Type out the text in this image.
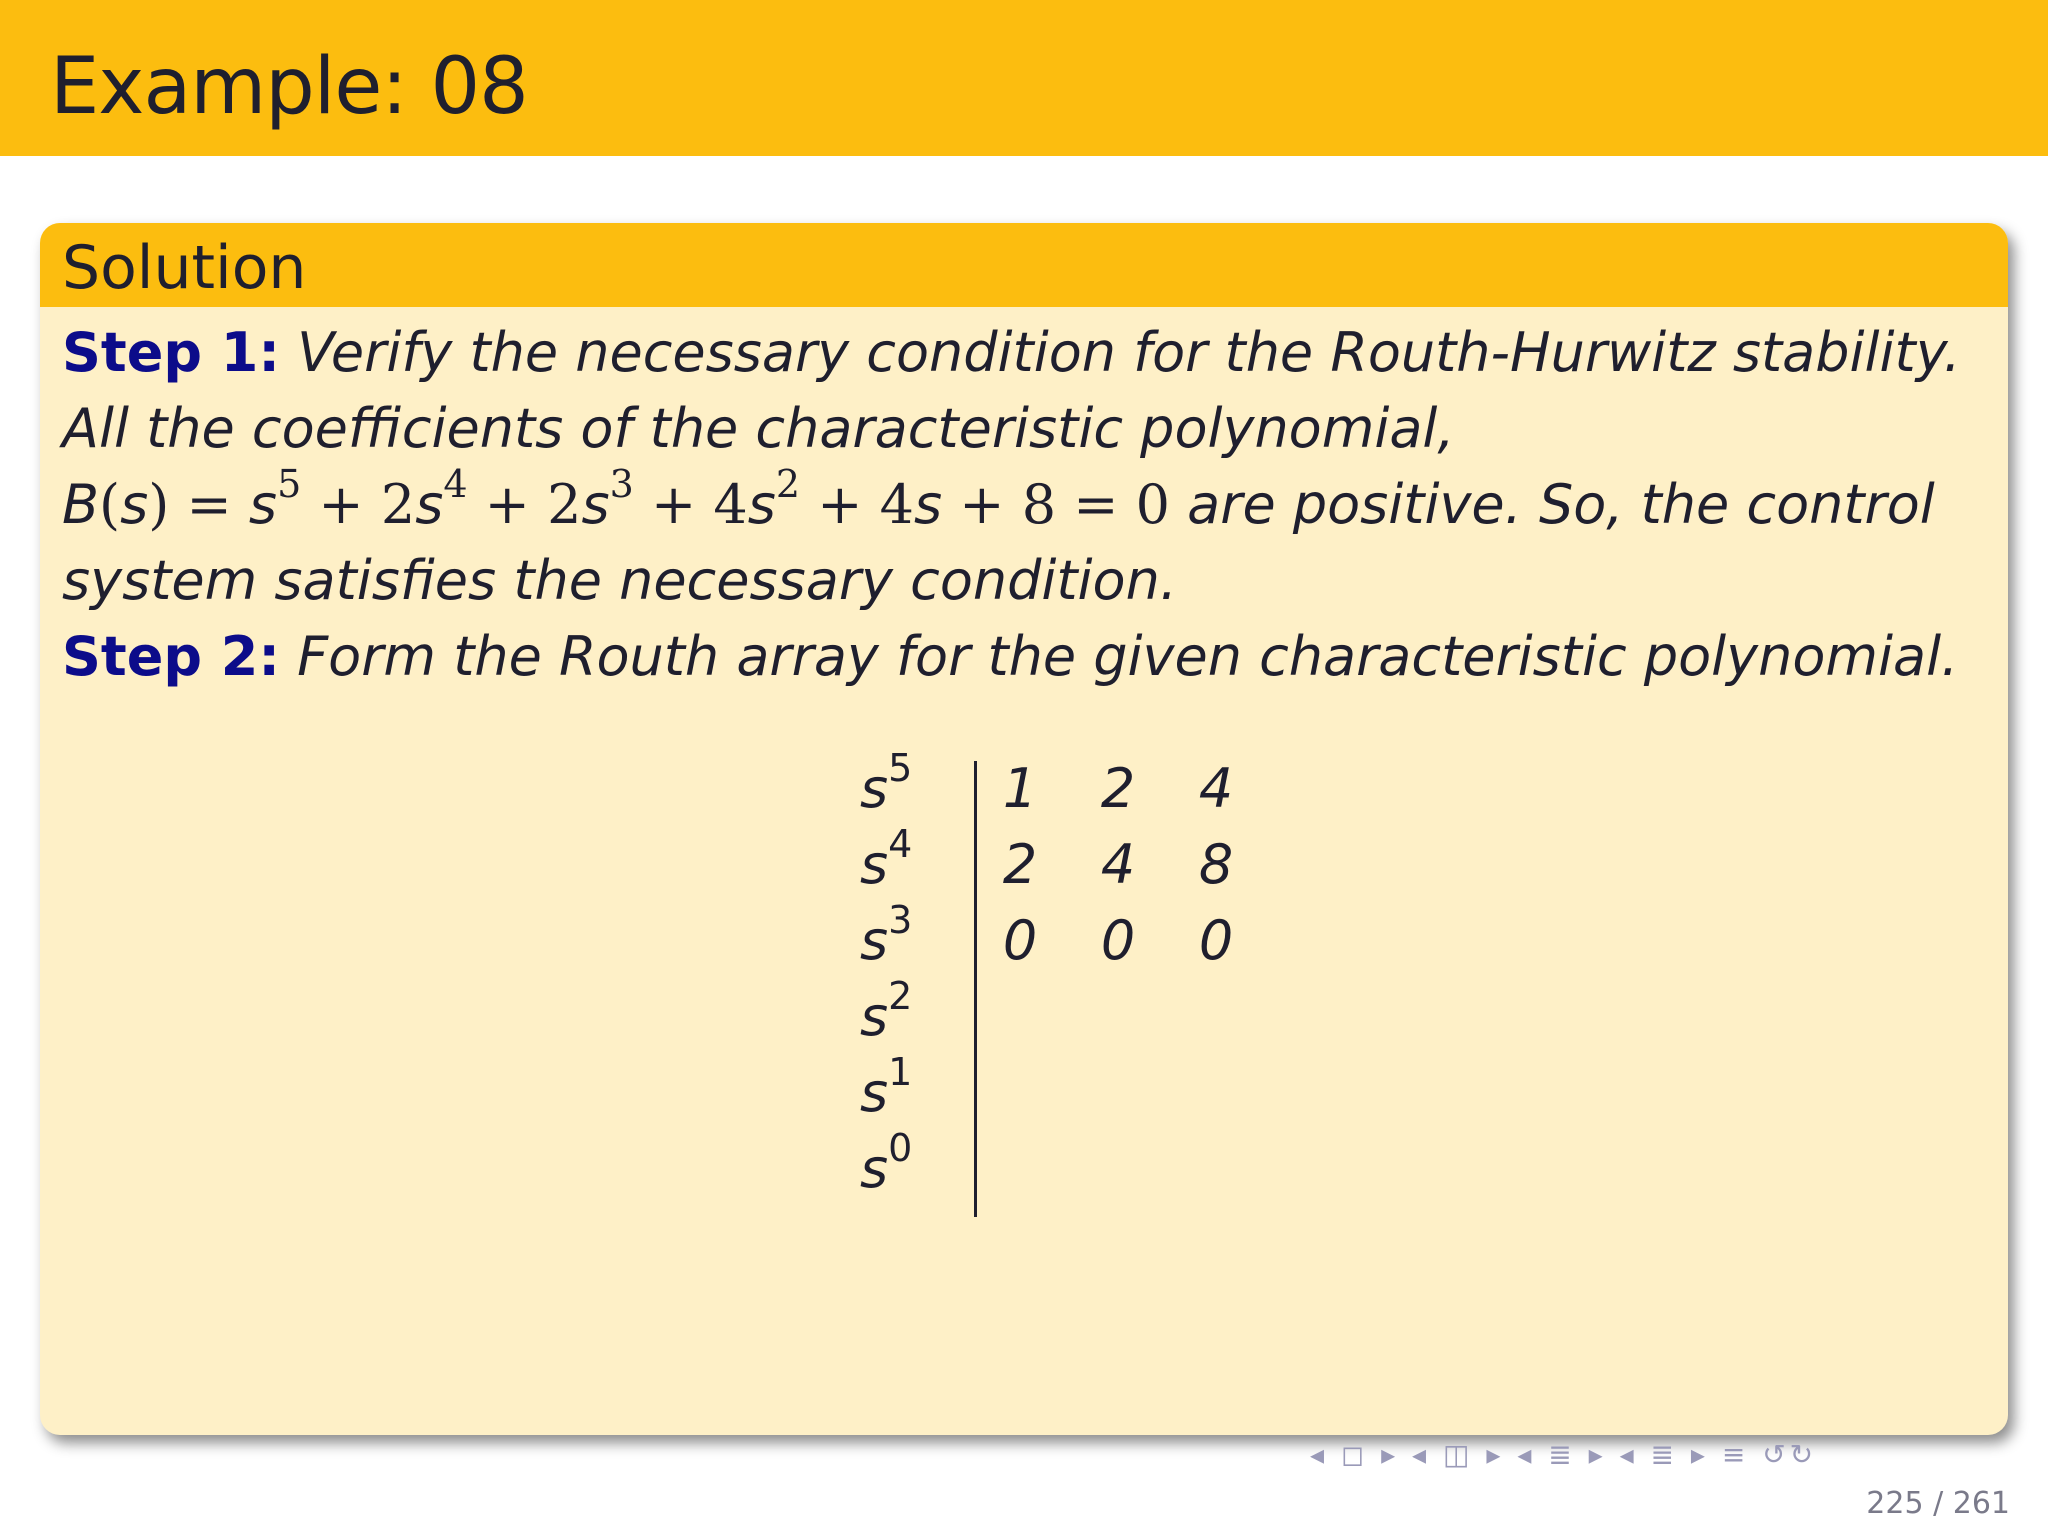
Example: 08
Solution
Step 1: Verify the necessary condition for the Routh-Hurwitz stability.
All the coefficients of the characteristic polynomial,
$B(s) = s^5 + 2s^4 + 2s^3 + 4s^2 + 4s + 8 = 0$ are positive. So, the control
system satisfies the necessary condition.
Step 2: Form the Routh array for the given characteristic polynomial.
$s^5$	1 2 4
$s^4$	2 4 8
$s^3$	0 0 0
$s^2$
$s^1$
$s^0$
◂ ◻ ▸ ◂ ◫ ▸ ◂ ≣ ▸ ◂ ≣ ▸ ≡ ↺↻
225 / 261
